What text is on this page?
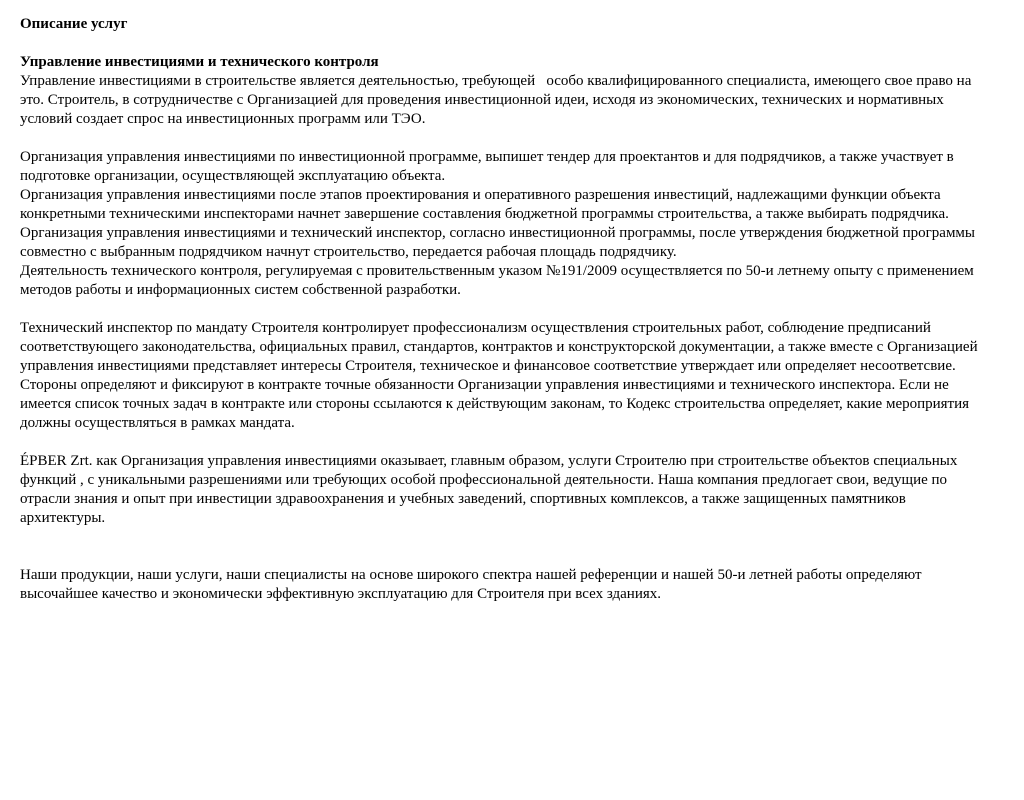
Описание услуг
Управление инвестициями и технического контроля

Управление инвестициями в строительстве является деятельностью, требующей   особо квалифицированного специалиста, имеющего свое право на это. Строитель, в сотрудничестве с Организацией для проведения инвестиционной идеи, исходя из экономических, технических и нормативных условий создает спрос на инвестиционных программ или ТЭО.

Организация управления инвестициями по инвестиционной программе, выпишет тендер для проектантов и для подрядчиков, а также участвует в подготовке организации, осуществляющей эксплуатацию объекта.

Организация управления инвестициями после этапов проектирования и оперативного разрешения инвестиций, надлежащими функции объекта конкретными техническими инспекторами начнет завершение составления бюджетной программы строительства, а также выбирать подрядчика.

Организация управления инвестициями и технический инспектор, согласно инвестиционной программы, после утверждения бюджетной программы совместно с выбранным подрядчиком начнут строительство, передается рабочая площадь подрядчику.

Деятельность технического контроля, регулируемая с провительственным указом №191/2009 осуществляется по 50-и летнему опыту с применением методов работы и информационных систем собственной разработки.

Технический инспектор по мандату Строителя контролирует профессионализм осуществления строительных работ, соблюдение предписаний соответствующего законодательства, официальных правил, стандартов, контрактов и конструкторской документации, а также вместе с Организацией управления инвестициями представляет интересы Строителя, техническое и финансовое соответствие утверждает или определяет несоответсвие.

Стороны определяют и фиксируют в контракте точные обязанности Организации управления инвестициями и технического инспектора. Если не имеется список точных задач в контракте или стороны ссылаются к действующим законам, то Кодекс строительства определяет, какие мероприятия должны осуществляться в рамках мандата.

ÉPBER Zrt. как Организация управления инвестициями оказывает, главным образом, услуги Строителю при строительстве объектов специальных функций , с уникальными разрешениями или требующих особой профессиональной деятельности. Наша компания предлогает свои, ведущие по отрасли знания и опыт при инвестиции здравоохранения и учебных заведений, спортивных комплексов, а также защищенных памятников архитектуры.

Наши продукции, наши услуги, наши специалисты на основе широкого спектра нашей референции и нашей 50-и летней работы определяют высочайшее качество и экономически эффективную эксплуатацию для Строителя при всех зданиях.
